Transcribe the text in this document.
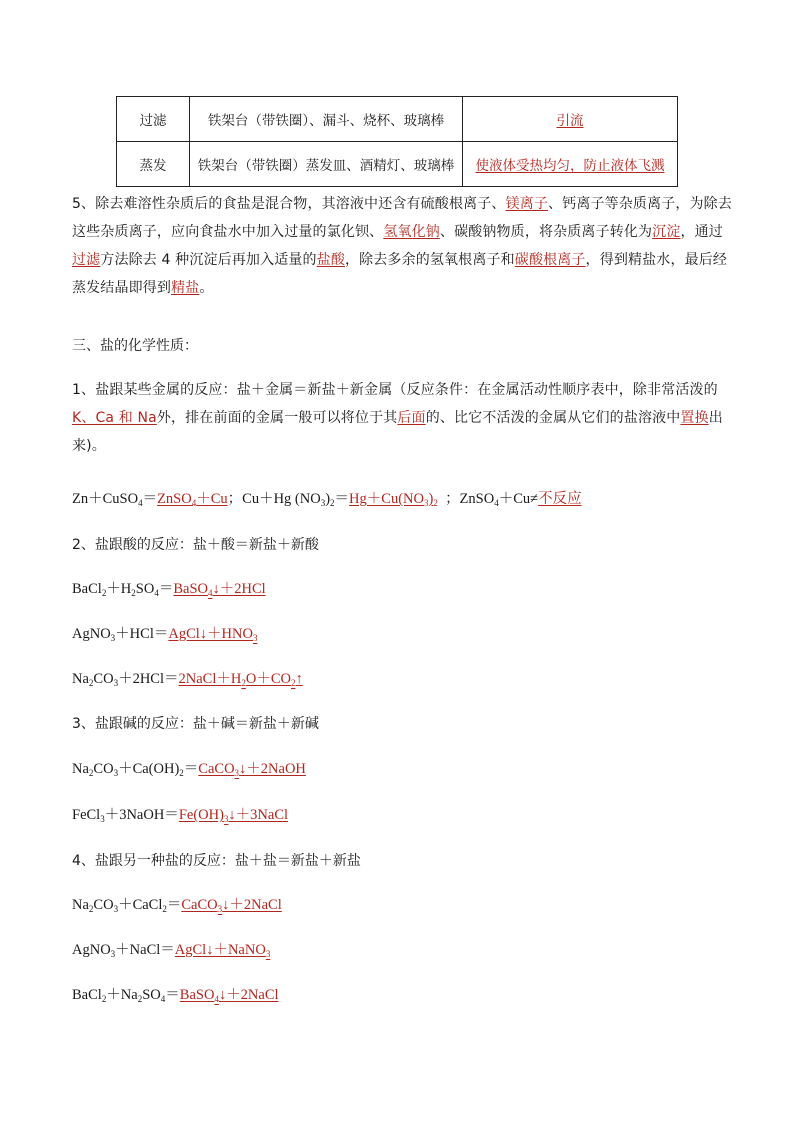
过滤	铁架台（带铁圈）、漏斗、烧杯、玻璃棒	引流
蒸发	铁架台（带铁圈）蒸发皿、酒精灯、玻璃棒	使液体受热均匀，防止液体飞溅
5、除去难溶性杂质后的食盐是混合物，其溶液中还含有硫酸根离子、镁离子、钙离子等杂质离子，为除去
这些杂质离子，应向食盐水中加入过量的氯化钡、氢氧化钠、碳酸钠物质，将杂质离子转化为沉淀，通过
过滤方法除去 4 种沉淀后再加入适量的盐酸，除去多余的氢氧根离子和碳酸根离子，得到精盐水，最后经
蒸发结晶即得到精盐。
三、盐的化学性质：
1、盐跟某些金属的反应：盐＋金属＝新盐＋新金属（反应条件：在金属活动性顺序表中，除非常活泼的
K、Ca 和 Na外，排在前面的金属一般可以将位于其后面的、比它不活泼的金属从它们的盐溶液中置换出
来)。
Zn＋CuSO$_4$＝ZnSO$_4$＋Cu；Cu＋Hg $(NO_3)_2=Hg+Cu(NO_3)_2$  ；ZnSO$_4$＋Cu≠不反应
2、盐跟酸的反应：盐＋酸＝新盐＋新酸
$BaCl_2+H_2SO_4=BaSO_4↓+2HCl$
$AgNO_3+HCl=AgCl↓+HNO_3$
$Na_2CO_3+2HCl=2NaCl+H_2O+CO_2↑$
3、盐跟碱的反应：盐＋碱＝新盐＋新碱
$Na_2CO_3+Ca(OH)_2=CaCO_3↓+2NaOH$
$FeCl_3+3NaOH=Fe(OH)_3↓+3NaCl$
4、盐跟另一种盐的反应：盐＋盐＝新盐＋新盐
$Na_2CO_3+CaCl_2=CaCO_3↓+2NaCl$
AgNO$_3$＋NaCl＝AgCl↓＋NaNO$_3$
$BaCl_2+Na_2SO_4=BaSO_4↓+2NaCl$
